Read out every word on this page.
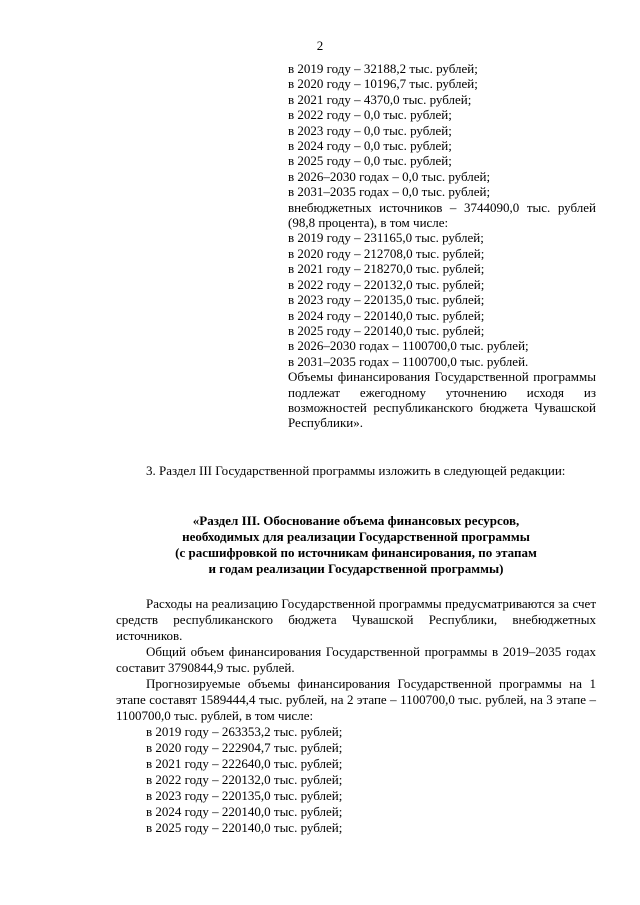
2
в 2019 году – 32188,2 тыс. рублей;
в 2020 году – 10196,7 тыс. рублей;
в 2021 году – 4370,0 тыс. рублей;
в 2022 году – 0,0 тыс. рублей;
в 2023 году – 0,0 тыс. рублей;
в 2024 году – 0,0 тыс. рублей;
в 2025 году – 0,0 тыс. рублей;
в 2026–2030 годах – 0,0 тыс. рублей;
в 2031–2035 годах – 0,0 тыс. рублей;
внебюджетных источников – 3744090,0 тыс. рублей (98,8 процента), в том числе:
в 2019 году – 231165,0 тыс. рублей;
в 2020 году – 212708,0 тыс. рублей;
в 2021 году – 218270,0 тыс. рублей;
в 2022 году – 220132,0 тыс. рублей;
в 2023 году – 220135,0 тыс. рублей;
в 2024 году – 220140,0 тыс. рублей;
в 2025 году – 220140,0 тыс. рублей;
в 2026–2030 годах – 1100700,0 тыс. рублей;
в 2031–2035 годах – 1100700,0 тыс. рублей.
Объемы финансирования Государственной программы подлежат ежегодному уточнению исходя из возможностей республиканского бюджета Чувашской Республики».
3. Раздел III Государственной программы изложить в следующей редакции:
«Раздел III. Обоснование объема финансовых ресурсов,
необходимых для реализации Государственной программы
(с расшифровкой по источникам финансирования, по этапам
и годам реализации Государственной программы)

Расходы на реализацию Государственной программы предусматриваются за счет средств республиканского бюджета Чувашской Республики, внебюджетных источников.

Общий объем финансирования Государственной программы в 2019–2035 годах составит 3790844,9 тыс. рублей.

Прогнозируемые объемы финансирования Государственной программы на 1 этапе составят 1589444,4 тыс. рублей, на 2 этапе – 1100700,0 тыс. рублей, на 3 этапе – 1100700,0 тыс. рублей, в том числе:

в 2019 году – 263353,2 тыс. рублей;
в 2020 году – 222904,7 тыс. рублей;
в 2021 году – 222640,0 тыс. рублей;
в 2022 году – 220132,0 тыс. рублей;
в 2023 году – 220135,0 тыс. рублей;
в 2024 году – 220140,0 тыс. рублей;
в 2025 году – 220140,0 тыс. рублей;
